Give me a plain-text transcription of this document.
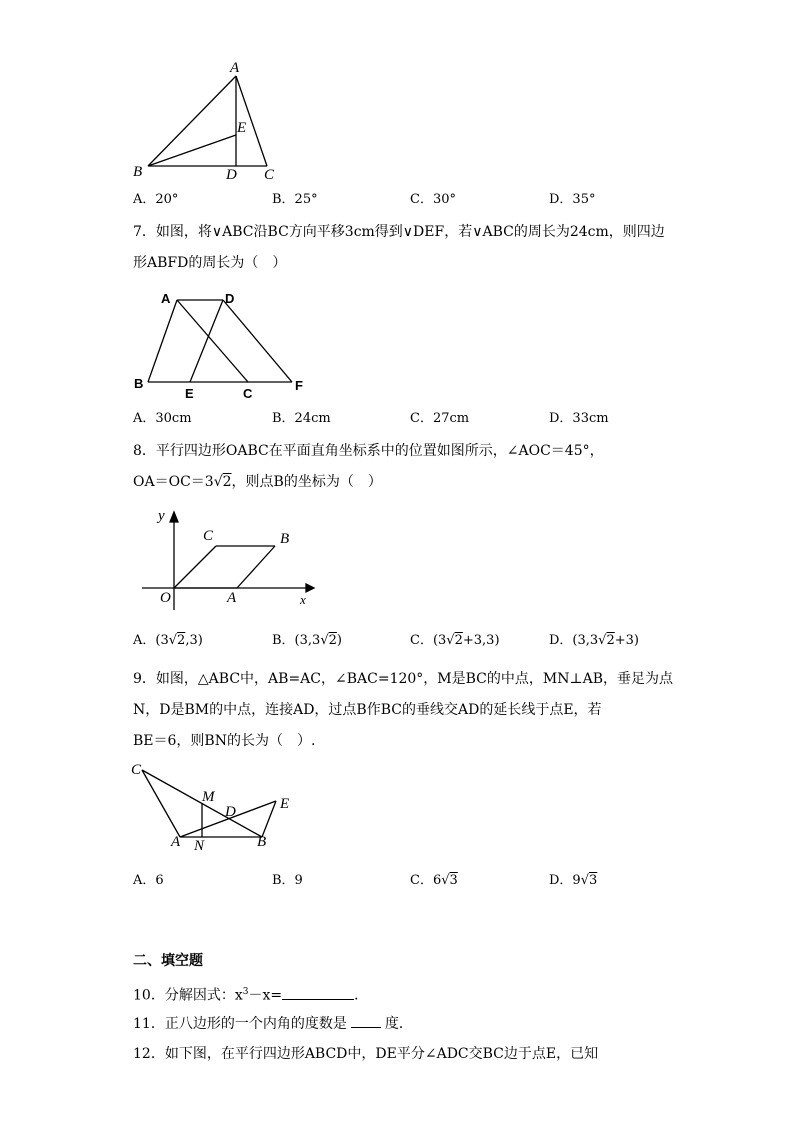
A
E
B	D C
A．20°	B．25°	C．30°	D．35°
7．如图，将∨ABC沿BC方向平移3cm得到∨DEF，若∨ABC的周长为24cm，则四边
形ABFD的周长为（　）
A	D
B
E	C
F
A．30cm	B．24cm	C．27cm	D．33cm
8．平行四边形OABC在平面直角坐标系中的位置如图所示，∠AOC＝45°，
OA＝OC＝3√2，则点B的坐标为（　）
y
C	B
O	A	x
A．(3√2,3)	B．(3,3√2)	C．(3√2+3,3)	D．(3,3√2+3)
9．如图，△ABC中，AB=AC，∠BAC=120°，M是BC的中点，MN⊥AB，垂足为点
N，D是BM的中点，连接AD，过点B作BC的垂线交AD的延长线于点E，若
BE＝6，则BN的长为（　）.
C
M
D	E
A N	B
A．6	B．9	C．6√3	D．9√3
二、填空题
10．分解因式：$x^3-x=$	．
11．正八边形的一个内角的度数是	度．
12．如下图，在平行四边形ABCD中，DE平分∠ADC交BC边于点E，已知
